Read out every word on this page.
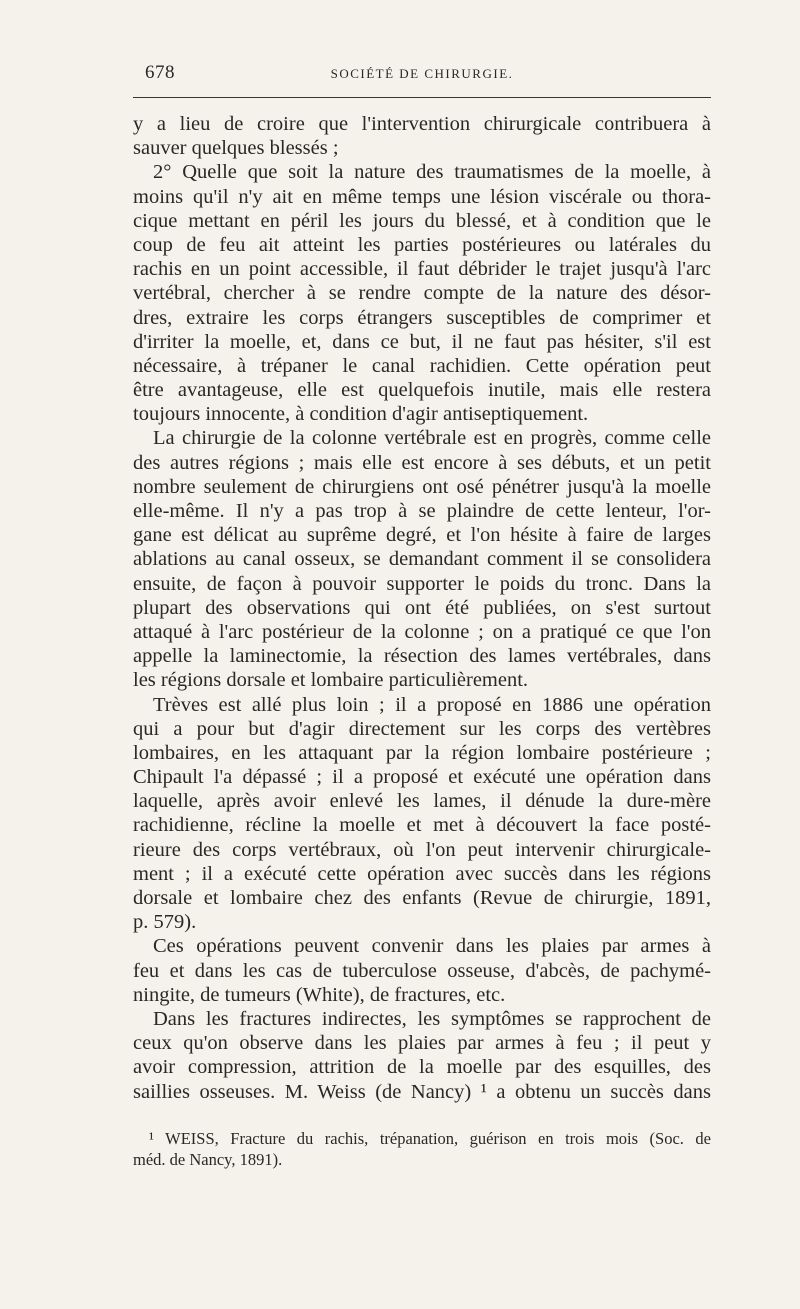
678	SOCIÉTÉ DE CHIRURGIE.
y a lieu de croire que l'intervention chirurgicale contribuera à
sauver quelques blessés ;
2° Quelle que soit la nature des traumatismes de la moelle, à
moins qu'il n'y ait en même temps une lésion viscérale ou thora-
cique mettant en péril les jours du blessé, et à condition que le
coup de feu ait atteint les parties postérieures ou latérales du
rachis en un point accessible, il faut débrider le trajet jusqu'à l'arc
vertébral, chercher à se rendre compte de la nature des désor-
dres, extraire les corps étrangers susceptibles de comprimer et
d'irriter la moelle, et, dans ce but, il ne faut pas hésiter, s'il est
nécessaire, à trépaner le canal rachidien. Cette opération peut
être avantageuse, elle est quelquefois inutile, mais elle restera
toujours innocente, à condition d'agir antiseptiquement.
La chirurgie de la colonne vertébrale est en progrès, comme celle
des autres régions ; mais elle est encore à ses débuts, et un petit
nombre seulement de chirurgiens ont osé pénétrer jusqu'à la moelle
elle-même. Il n'y a pas trop à se plaindre de cette lenteur, l'or-
gane est délicat au suprême degré, et l'on hésite à faire de larges
ablations au canal osseux, se demandant comment il se consolidera
ensuite, de façon à pouvoir supporter le poids du tronc. Dans la
plupart des observations qui ont été publiées, on s'est surtout
attaqué à l'arc postérieur de la colonne ; on a pratiqué ce que l'on
appelle la laminectomie, la résection des lames vertébrales, dans
les régions dorsale et lombaire particulièrement.
Trèves est allé plus loin ; il a proposé en 1886 une opération
qui a pour but d'agir directement sur les corps des vertèbres
lombaires, en les attaquant par la région lombaire postérieure ;
Chipault l'a dépassé ; il a proposé et exécuté une opération dans
laquelle, après avoir enlevé les lames, il dénude la dure-mère
rachidienne, récline la moelle et met à découvert la face posté-
rieure des corps vertébraux, où l'on peut intervenir chirurgicale-
ment ; il a exécuté cette opération avec succès dans les régions
dorsale et lombaire chez des enfants (Revue de chirurgie, 1891,
p. 579).
Ces opérations peuvent convenir dans les plaies par armes à
feu et dans les cas de tuberculose osseuse, d'abcès, de pachymé-
ningite, de tumeurs (White), de fractures, etc.
Dans les fractures indirectes, les symptômes se rapprochent de
ceux qu'on observe dans les plaies par armes à feu ; il peut y
avoir compression, attrition de la moelle par des esquilles, des
saillies osseuses. M. Weiss (de Nancy) ¹ a obtenu un succès dans
¹ WEISS, Fracture du rachis, trépanation, guérison en trois mois (Soc. de
méd. de Nancy, 1891).
